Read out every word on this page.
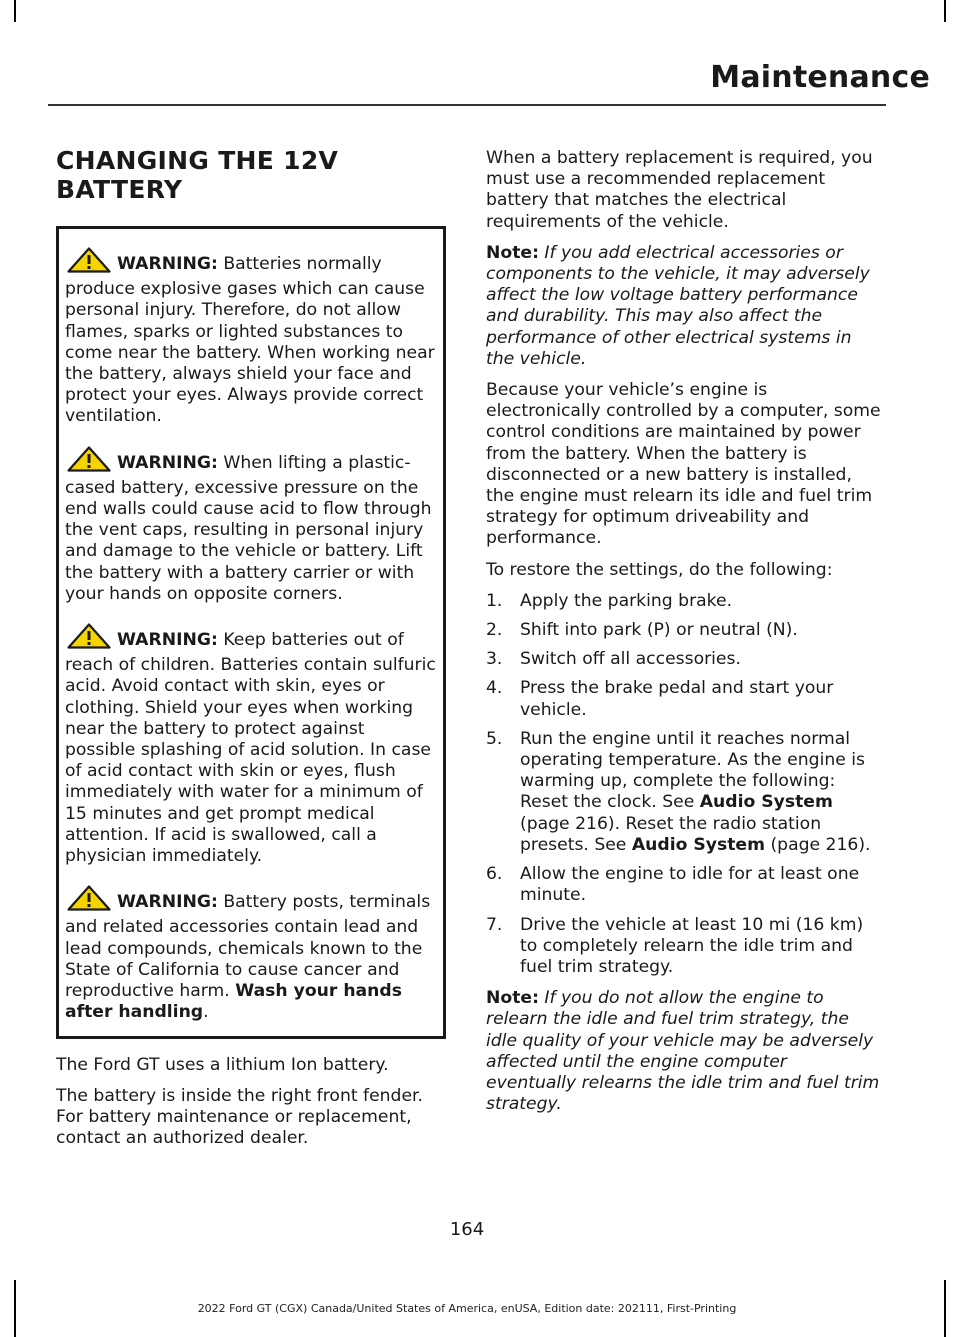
Maintenance
CHANGING THE 12V BATTERY
WARNING: Batteries normally produce explosive gases which can cause personal injury. Therefore, do not allow flames, sparks or lighted substances to come near the battery. When working near the battery, always shield your face and protect your eyes. Always provide correct ventilation.
WARNING: When lifting a plastic-cased battery, excessive pressure on the end walls could cause acid to flow through the vent caps, resulting in personal injury and damage to the vehicle or battery. Lift the battery with a battery carrier or with your hands on opposite corners.
WARNING: Keep batteries out of reach of children. Batteries contain sulfuric acid. Avoid contact with skin, eyes or clothing. Shield your eyes when working near the battery to protect against possible splashing of acid solution. In case of acid contact with skin or eyes, flush immediately with water for a minimum of 15 minutes and get prompt medical attention. If acid is swallowed, call a physician immediately.
WARNING: Battery posts, terminals and related accessories contain lead and lead compounds, chemicals known to the State of California to cause cancer and reproductive harm. Wash your hands after handling.

The Ford GT uses a lithium Ion battery.

The battery is inside the right front fender. For battery maintenance or replacement, contact an authorized dealer.

When a battery replacement is required, you must use a recommended replacement battery that matches the electrical requirements of the vehicle.

Note: If you add electrical accessories or components to the vehicle, it may adversely affect the low voltage battery performance and durability. This may also affect the performance of other electrical systems in the vehicle.

Because your vehicle’s engine is electronically controlled by a computer, some control conditions are maintained by power from the battery. When the battery is disconnected or a new battery is installed, the engine must relearn its idle and fuel trim strategy for optimum driveability and performance.

To restore the settings, do the following:

1. Apply the parking brake.
2. Shift into park (P) or neutral (N).
3. Switch off all accessories.
4. Press the brake pedal and start your vehicle.
5. Run the engine until it reaches normal operating temperature. As the engine is warming up, complete the following: Reset the clock. See Audio System (page 216). Reset the radio station presets. See Audio System (page 216).
6. Allow the engine to idle for at least one minute.
7. Drive the vehicle at least 10 mi (16 km) to completely relearn the idle trim and fuel trim strategy.

Note: If you do not allow the engine to relearn the idle and fuel trim strategy, the idle quality of your vehicle may be adversely affected until the engine computer eventually relearns the idle trim and fuel trim strategy.

164
2022 Ford GT (CGX) Canada/United States of America, enUSA, Edition date: 202111, First-Printing
